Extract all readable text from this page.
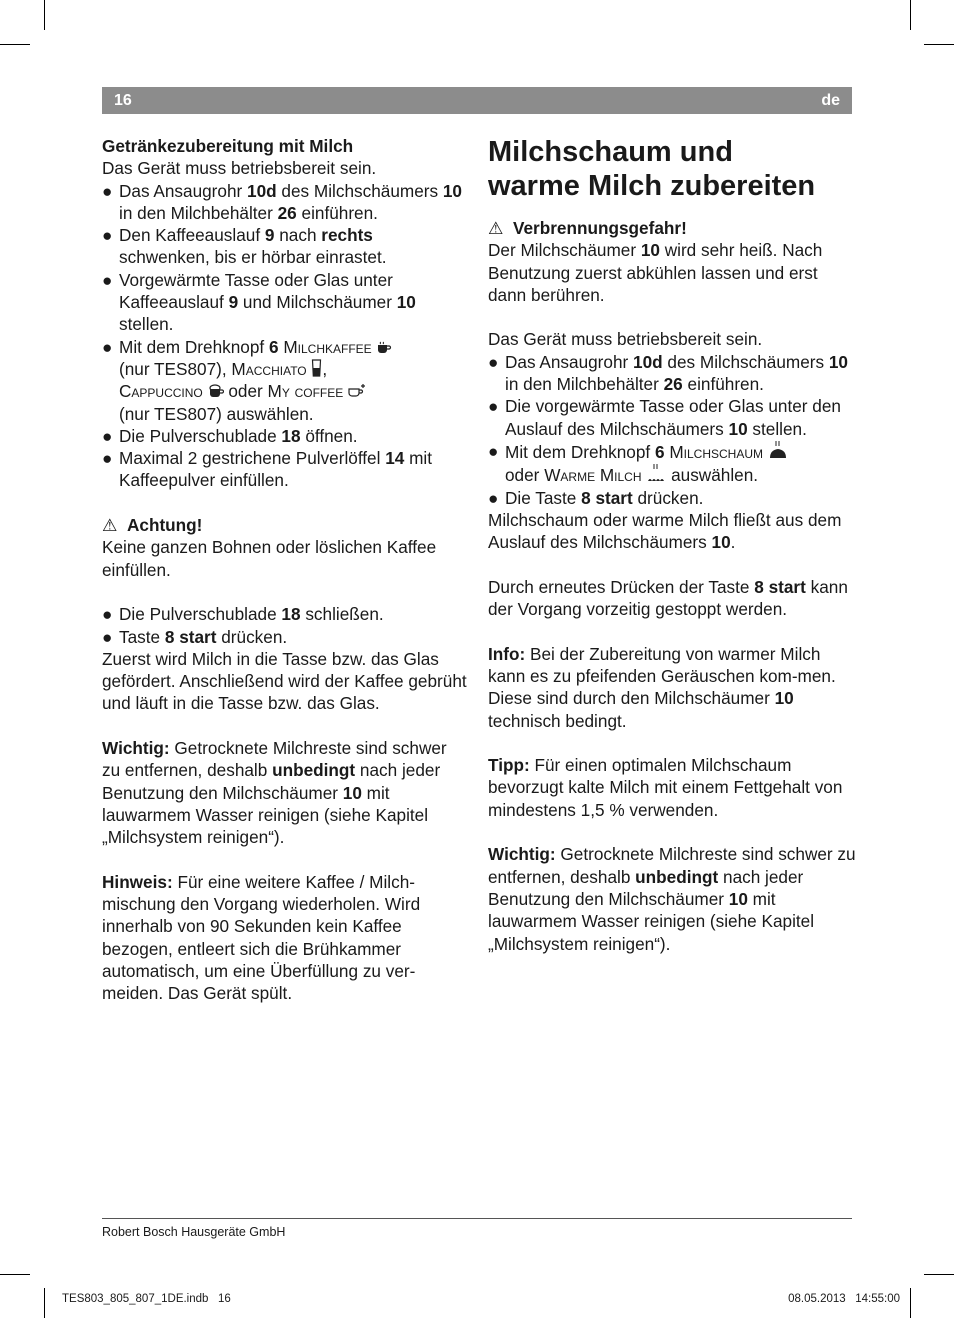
16	de

Getränkezubereitung mit Milch

Das Gerät muss betriebsbereit sein.

● Das Ansaugrohr 10d des Milchschäumers 10 in den Milchbehälter 26 einführen.

● Den Kaffeeauslauf 9 nach rechts schwenken, bis er hörbar einrastet.

● Vorgewärmte Tasse oder Glas unter Kaffeeauslauf 9 und Milchschäumer 10 stellen.

● Mit dem Drehknopf 6 Milchkaffee
(nur TES807), Macchiato ,
Cappuccino  oder My coffee
(nur TES807) auswählen.

● Die Pulverschublade 18 öffnen.

● Maximal 2 gestrichene Pulverlöffel 14 mit Kaffeepulver einfüllen.

⚠ Achtung!

Keine ganzen Bohnen oder löslichen Kaffee einfüllen.

● Die Pulverschublade 18 schließen.

● Taste 8 start drücken.

Zuerst wird Milch in die Tasse bzw. das Glas gefördert. Anschließend wird der Kaffee gebrüht und läuft in die Tasse bzw. das Glas.

Wichtig: Getrocknete Milchreste sind schwer zu entfernen, deshalb unbedingt nach jeder Benutzung den Milchschäumer 10 mit lauwarmem Wasser reinigen (siehe Kapitel „Milchsystem reinigen“).

Hinweis: Für eine weitere Kaffee / Milch-mischung den Vorgang wiederholen. Wird innerhalb von 90 Sekunden kein Kaffee bezogen, entleert sich die Brühkammer automatisch, um eine Überfüllung zu ver-meiden. Das Gerät spült.

Milchschaum und
warme Milch zubereiten

⚠ Verbrennungsgefahr!

Der Milchschäumer 10 wird sehr heiß. Nach Benutzung zuerst abkühlen lassen und erst dann berühren.

Das Gerät muss betriebsbereit sein.

● Das Ansaugrohr 10d des Milchschäumers 10 in den Milchbehälter 26 einführen.

● Die vorgewärmte Tasse oder Glas unter den Auslauf des Milchschäumers 10 stellen.

● Mit dem Drehknopf 6 Milchschaum
oder Warme Milch  auswählen.

● Die Taste 8 start drücken.

Milchschaum oder warme Milch fließt aus dem Auslauf des Milchschäumers 10.

Durch erneutes Drücken der Taste 8 start kann der Vorgang vorzeitig gestoppt werden.

Info: Bei der Zubereitung von warmer Milch kann es zu pfeifenden Geräuschen kom-men. Diese sind durch den Milchschäumer 10 technisch bedingt.

Tipp: Für einen optimalen Milchschaum bevorzugt kalte Milch mit einem Fettgehalt von mindestens 1,5 % verwenden.

Wichtig: Getrocknete Milchreste sind schwer zu entfernen, deshalb unbedingt nach jeder Benutzung den Milchschäumer 10 mit lauwarmem Wasser reinigen (siehe Kapitel „Milchsystem reinigen“).

Robert Bosch Hausgeräte GmbH
TES803_805_807_1DE.indb   16	08.05.2013   14:55:00
